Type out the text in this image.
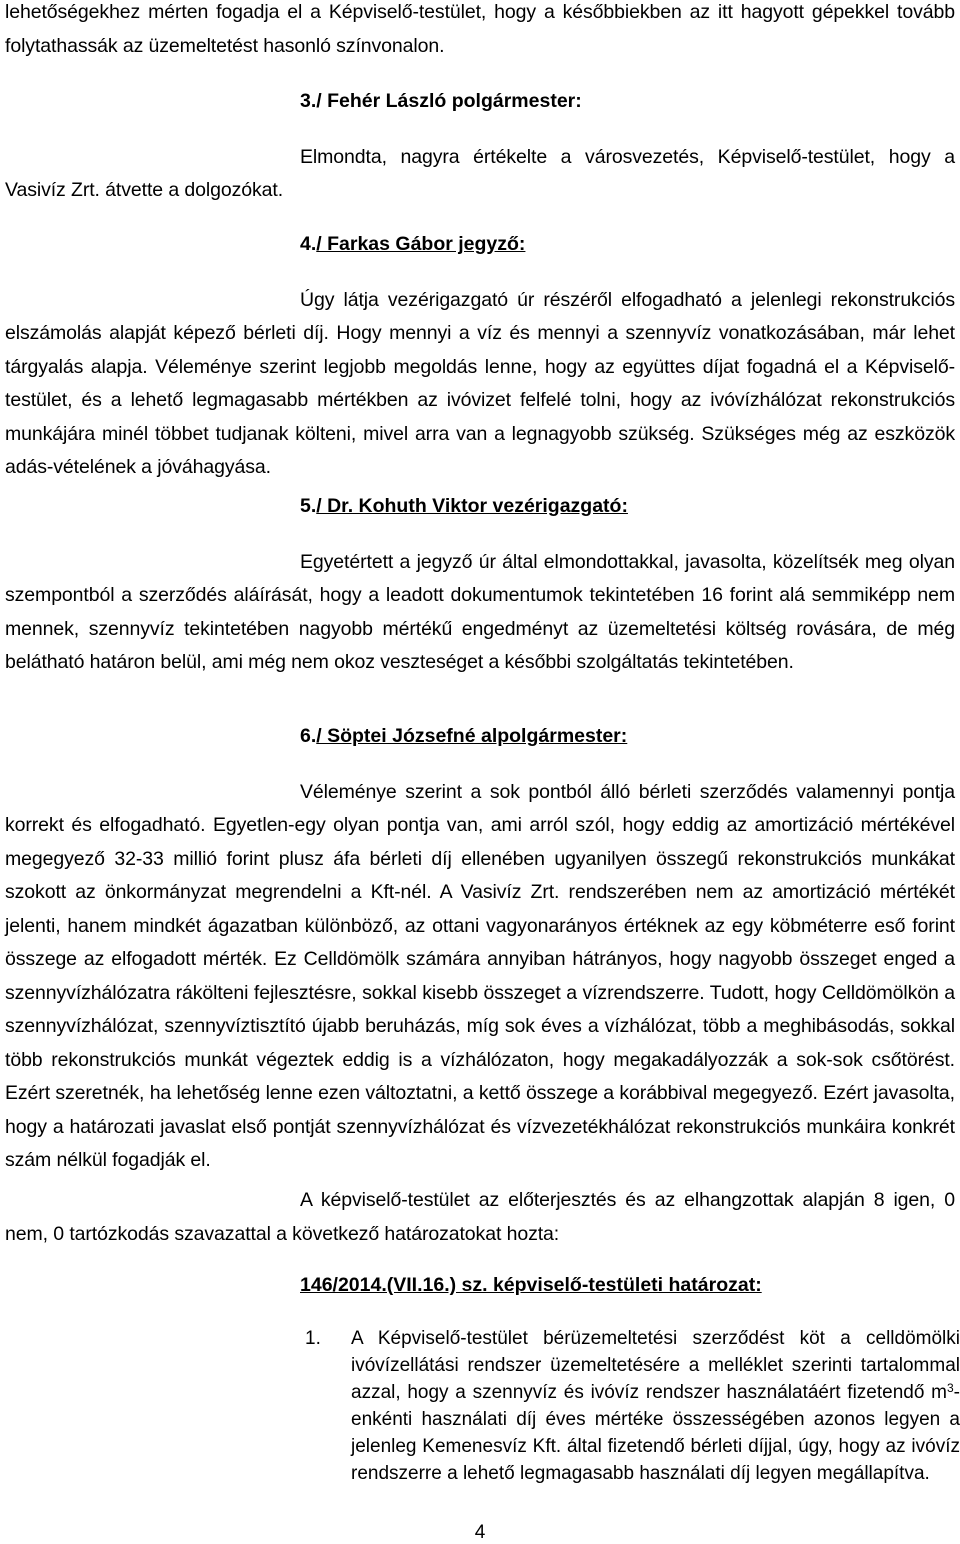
lehetőségekhez mérten fogadja el a Képviselő-testület, hogy a későbbiekben az itt hagyott gépekkel tovább folytathassák az üzemeltetést hasonló színvonalon.

3./ Fehér László polgármester:

Elmondta, nagyra értékelte a városvezetés, Képviselő-testület, hogy a Vasivíz Zrt. átvette a dolgozókat.

4./ Farkas Gábor jegyző:

Úgy látja vezérigazgató úr részéről elfogadható a jelenlegi rekonstrukciós elszámolás alapját képező bérleti díj. Hogy mennyi a víz és mennyi a szennyvíz vonatkozásában, már lehet tárgyalás alapja. Véleménye szerint legjobb megoldás lenne, hogy az együttes díjat fogadná el a Képviselő-testület, és a lehető legmagasabb mértékben az ivóvizet felfelé tolni, hogy az ivóvízhálózat rekonstrukciós munkájára minél többet tudjanak költeni, mivel arra van a legnagyobb szükség. Szükséges még az eszközök adás-vételének a jóváhagyása.

5./ Dr. Kohuth Viktor vezérigazgató:

Egyetértett a jegyző úr által elmondottakkal, javasolta, közelítsék meg olyan szempontból a szerződés aláírását, hogy a leadott dokumentumok tekintetében 16 forint alá semmiképp nem mennek, szennyvíz tekintetében nagyobb mértékű engedményt az üzemeltetési költség rovására, de még belátható határon belül, ami még nem okoz veszteséget a későbbi szolgáltatás tekintetében.

6./ Söptei Józsefné alpolgármester:

Véleménye szerint a sok pontból álló bérleti szerződés valamennyi pontja korrekt és elfogadható. Egyetlen-egy olyan pontja van, ami arról szól, hogy eddig az amortizáció mértékével megegyező 32-33 millió forint plusz áfa bérleti díj ellenében ugyanilyen összegű rekonstrukciós munkákat szokott az önkormányzat megrendelni a Kft-nél. A Vasivíz Zrt. rendszerében nem az amortizáció mértékét jelenti, hanem mindkét ágazatban különböző, az ottani vagyonarányos értéknek az egy köbméterre eső forint összege az elfogadott mérték. Ez Celldömölk számára annyiban hátrányos, hogy nagyobb összeget enged a szennyvízhálózatra rákölteni fejlesztésre, sokkal kisebb összeget a vízrendszerre. Tudott, hogy Celldömölkön a szennyvízhálózat, szennyvíztisztító újabb beruházás, míg sok éves a vízhálózat, több a meghibásodás, sokkal több rekonstrukciós munkát végeztek eddig is a vízhálózaton, hogy megakadályozzák a sok-sok csőtörést. Ezért szeretnék, ha lehetőség lenne ezen változtatni, a kettő összege a korábbival megegyező. Ezért javasolta, hogy a határozati javaslat első pontját szennyvízhálózat és vízvezetékhálózat rekonstrukciós munkáira konkrét szám nélkül fogadják el.

A képviselő-testület az előterjesztés és az elhangzottak alapján 8 igen, 0 nem, 0 tartózkodás szavazattal a következő határozatokat hozta:

146/2014.(VII.16.) sz. képviselő-testületi határozat:

1. A Képviselő-testület bérüzemeltetési szerződést köt a celldömölki ivóvízellátási rendszer üzemeltetésére a melléklet szerinti tartalommal azzal, hogy a szennyvíz és ivóvíz rendszer használatáért fizetendő $m^3$-enkénti használati díj éves mértéke összességében azonos legyen a jelenleg Kemenesvíz Kft. által fizetendő bérleti díjjal, úgy, hogy az ivóvíz rendszerre a lehető legmagasabb használati díj legyen megállapítva.
4
